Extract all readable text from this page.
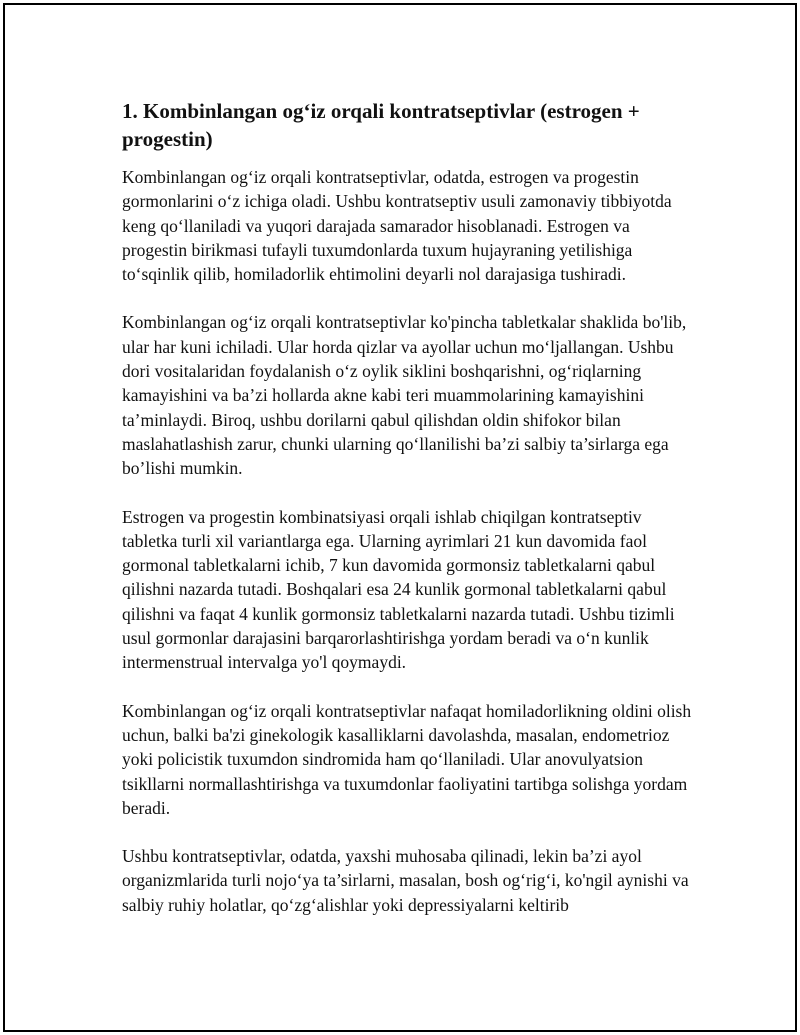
1. Kombinlangan og‘iz orqali kontratseptivlar (estrogen + progestin)

Kombinlangan og‘iz orqali kontratseptivlar, odatda, estrogen va progestin gormonlarini o‘z ichiga oladi. Ushbu kontratseptiv usuli zamonaviy tibbiyotda keng qo‘llaniladi va yuqori darajada samarador hisoblanadi. Estrogen va progestin birikmasi tufayli tuxumdonlarda tuxum hujayraning yetilishiga to‘sqinlik qilib, homiladorlik ehtimolini deyarli nol darajasiga tushiradi.

Kombinlangan og‘iz orqali kontratseptivlar ko'pincha tabletkalar shaklida bo'lib, ular har kuni ichiladi. Ular horda qizlar va ayollar uchun mo‘ljallangan. Ushbu dori vositalaridan foydalanish o‘z oylik siklini boshqarishni, og‘riqlarning kamayishini va ba’zi hollarda akne kabi teri muammolarining kamayishini ta’minlaydi. Biroq, ushbu dorilarni qabul qilishdan oldin shifokor bilan maslahatlashish zarur, chunki ularning qo‘llanilishi ba’zi salbiy ta’sirlarga ega bo’lishi mumkin.

Estrogen va progestin kombinatsiyasi orqali ishlab chiqilgan kontratseptiv tabletka turli xil variantlarga ega. Ularning ayrimlari 21 kun davomida faol gormonal tabletkalarni ichib, 7 kun davomida gormonsiz tabletkalarni qabul qilishni nazarda tutadi. Boshqalari esa 24 kunlik gormonal tabletkalarni qabul qilishni va faqat 4 kunlik gormonsiz tabletkalarni nazarda tutadi. Ushbu tizimli usul gormonlar darajasini barqarorlashtirishga yordam beradi va o‘n kunlik intermenstrual intervalga yo'l qoymaydi.

Kombinlangan og‘iz orqali kontratseptivlar nafaqat homiladorlikning oldini olish uchun, balki ba'zi ginekologik kasalliklarni davolashda, masalan, endometrioz yoki policistik tuxumdon sindromida ham qo‘llaniladi. Ular anovulyatsion tsikllarni normallashtirishga va tuxumdonlar faoliyatini tartibga solishga yordam beradi.

Ushbu kontratseptivlar, odatda, yaxshi muhosaba qilinadi, lekin ba’zi ayol organizmlarida turli nojo‘ya ta’sirlarni, masalan, bosh og‘rig‘i, ko'ngil aynishi va salbiy ruhiy holatlar, qo‘zg‘alishlar yoki depressiyalarni keltirib
